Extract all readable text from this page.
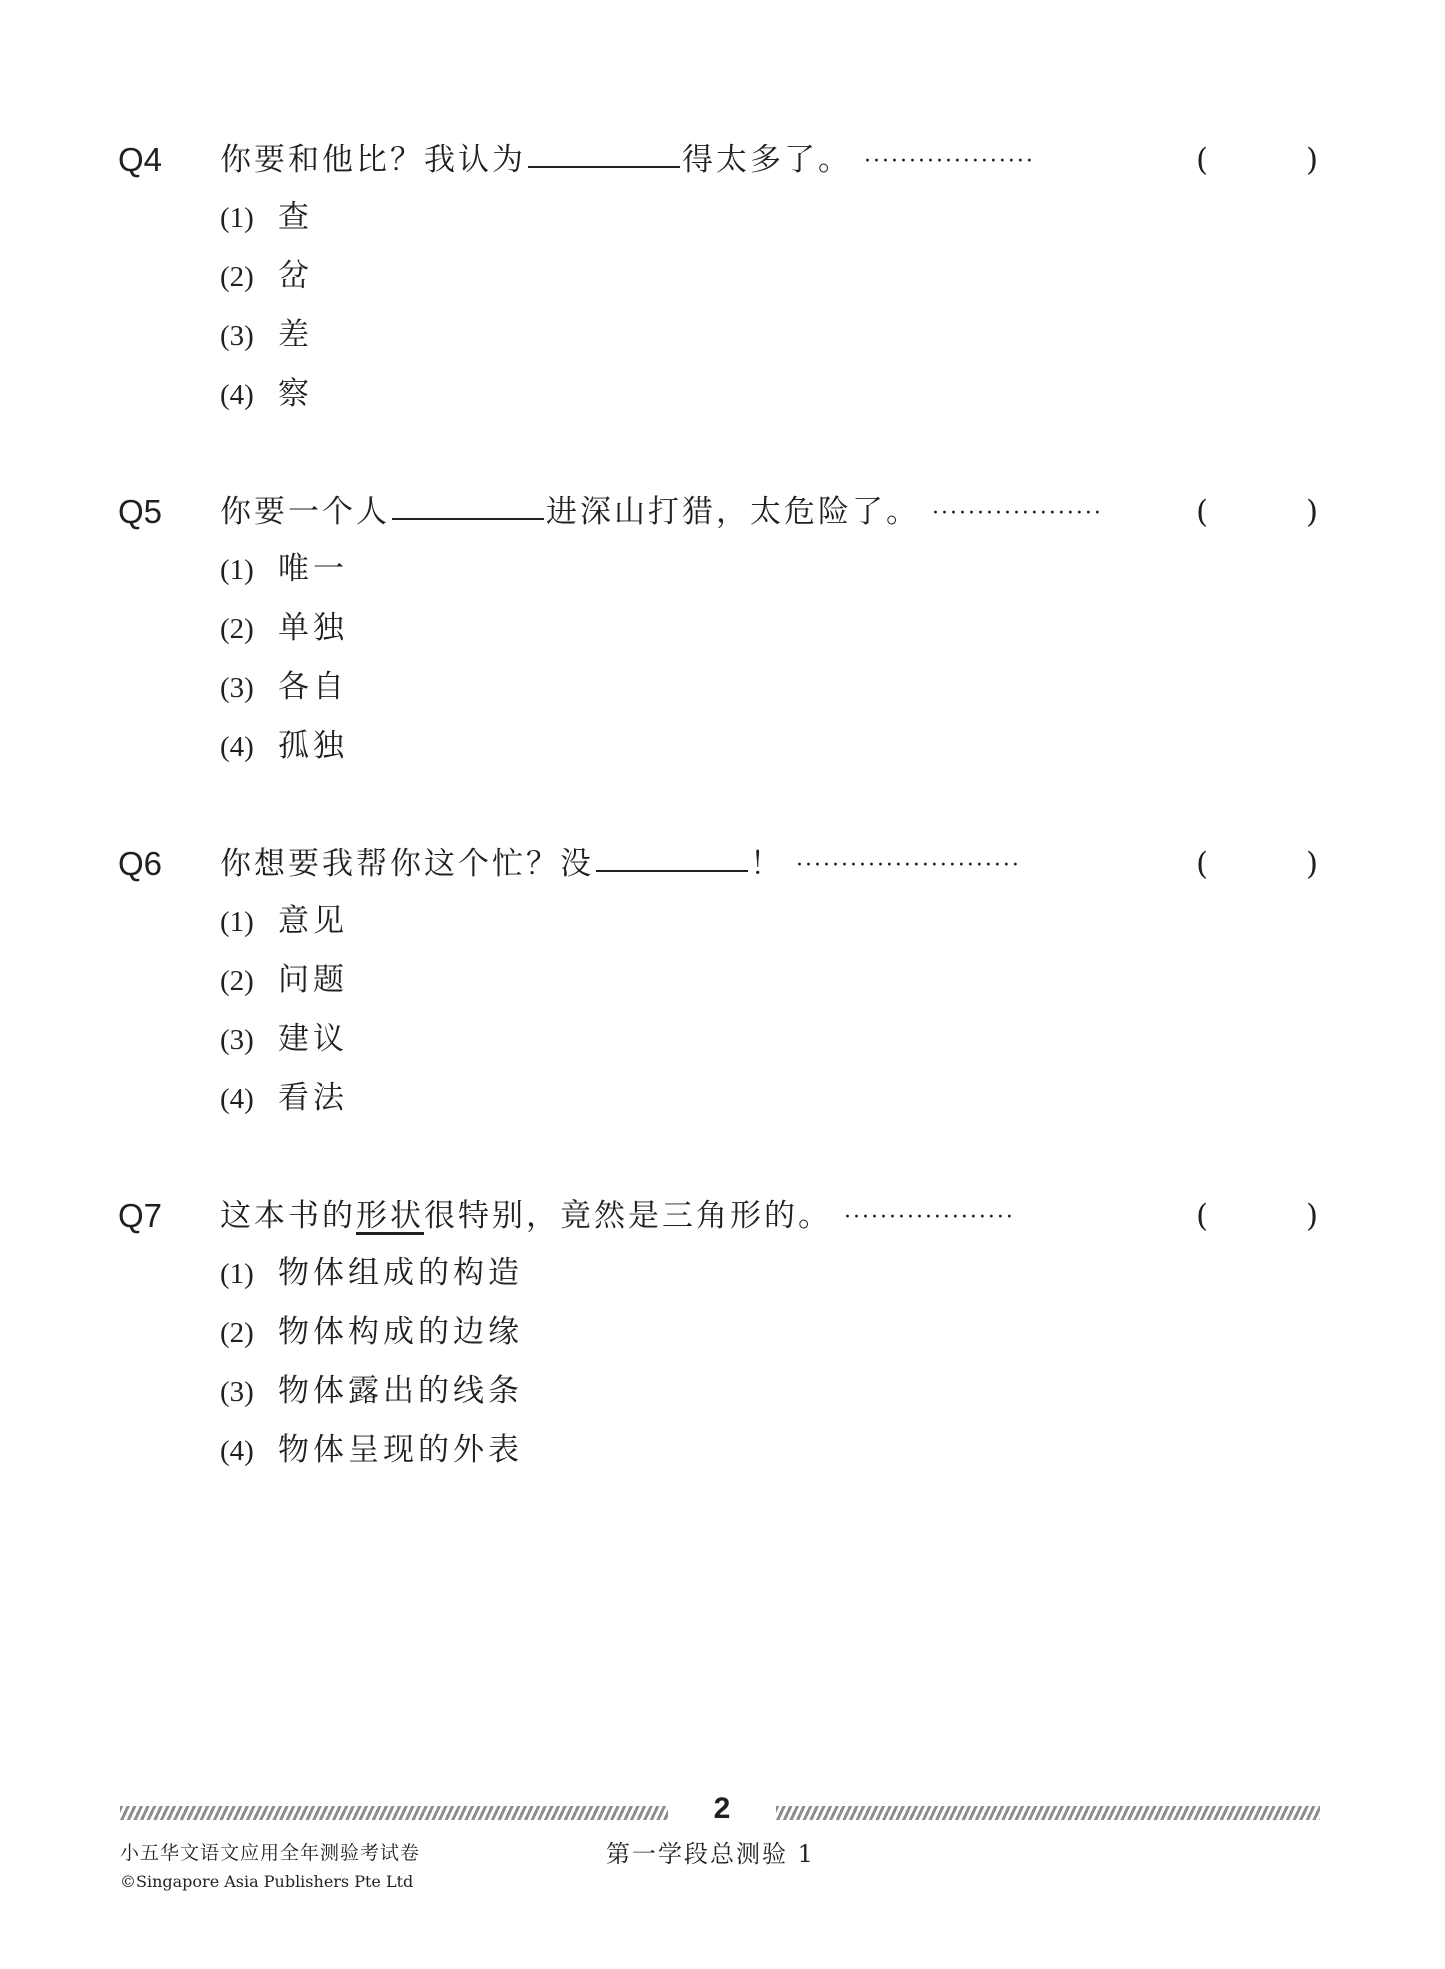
Q4 你要和他比？我认为	得太多了。 ···················	(	)
(1) 查
(2) 岔
(3) 差
(4) 察
Q5 你要一个人	进深山打猎，太危险了。 ···················	(	)
(1) 唯一
(2) 单独
(3) 各自
(4) 孤独
Q6 你想要我帮你这个忙？没	！ ·························	(	)
(1) 意见
(2) 问题
(3) 建议
(4) 看法
Q7 这本书的形状很特别，竟然是三角形的。 ···················	(	)
(1) 物体组成的构造
(2) 物体构成的边缘
(3) 物体露出的线条
(4) 物体呈现的外表
2
小五华文语文应用全年测验考试卷
©Singapore Asia Publishers Pte Ltd
第一学段总测验 1
